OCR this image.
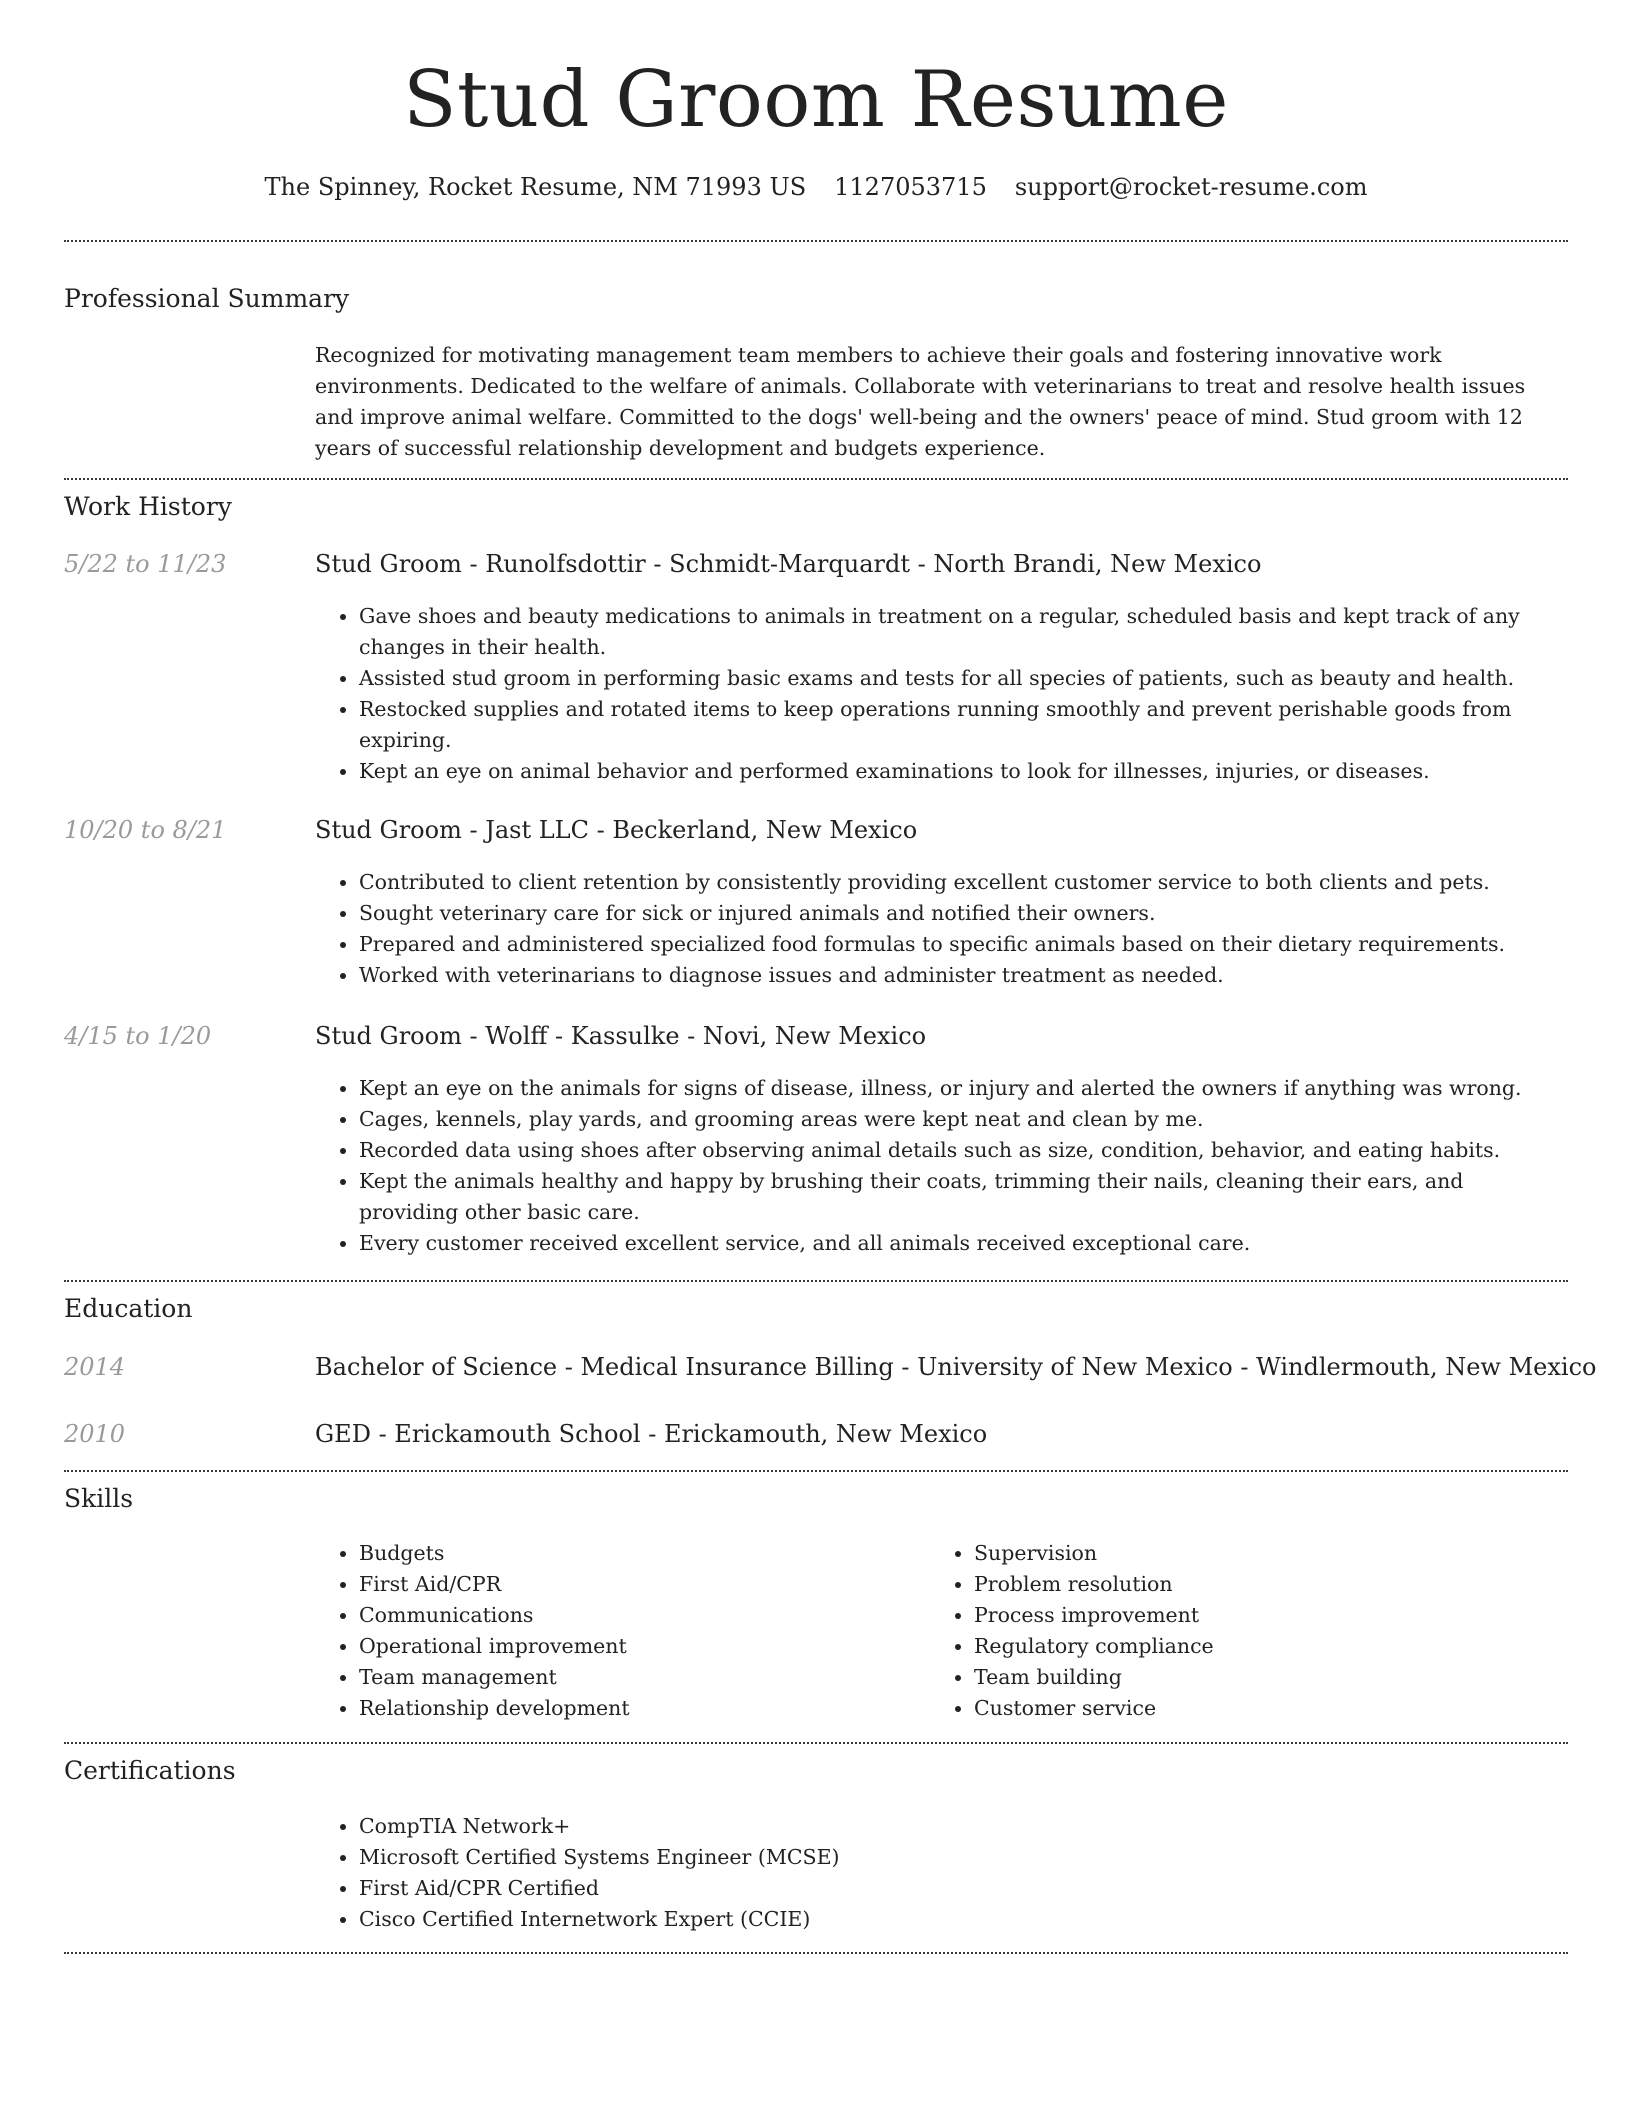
Stud Groom Resume
The Spinney, Rocket Resume, NM 71993 US 1127053715 support@rocket-resume.com
Professional Summary

Recognized for motivating management team members to achieve their goals and fostering innovative work environments. Dedicated to the welfare of animals. Collaborate with veterinarians to treat and resolve health issues and improve animal welfare. Committed to the dogs' well-being and the owners' peace of mind. Stud groom with 12 years of successful relationship development and budgets experience.

Work History
5/22 to 11/23	Stud Groom - Runolfsdottir - Schmidt-Marquardt - North Brandi, New Mexico
• Gave shoes and beauty medications to animals in treatment on a regular, scheduled basis and kept track of any changes in their health.
• Assisted stud groom in performing basic exams and tests for all species of patients, such as beauty and health.
• Restocked supplies and rotated items to keep operations running smoothly and prevent perishable goods from expiring.
• Kept an eye on animal behavior and performed examinations to look for illnesses, injuries, or diseases.
10/20 to 8/21	Stud Groom - Jast LLC - Beckerland, New Mexico
• Contributed to client retention by consistently providing excellent customer service to both clients and pets.
• Sought veterinary care for sick or injured animals and notified their owners.
• Prepared and administered specialized food formulas to specific animals based on their dietary requirements.
• Worked with veterinarians to diagnose issues and administer treatment as needed.
4/15 to 1/20	Stud Groom - Wolff - Kassulke - Novi, New Mexico
• Kept an eye on the animals for signs of disease, illness, or injury and alerted the owners if anything was wrong.
• Cages, kennels, play yards, and grooming areas were kept neat and clean by me.
• Recorded data using shoes after observing animal details such as size, condition, behavior, and eating habits.
• Kept the animals healthy and happy by brushing their coats, trimming their nails, cleaning their ears, and providing other basic care.
• Every customer received excellent service, and all animals received exceptional care.
Education
2014	Bachelor of Science - Medical Insurance Billing - University of New Mexico - Windlermouth, New Mexico
2010	GED - Erickamouth School - Erickamouth, New Mexico
Skills
• Budgets
• First Aid/CPR
• Communications
• Operational improvement
• Team management
• Relationship development
• Supervision
• Problem resolution
• Process improvement
• Regulatory compliance
• Team building
• Customer service
Certifications
• CompTIA Network+
• Microsoft Certified Systems Engineer (MCSE)
• First Aid/CPR Certified
• Cisco Certified Internetwork Expert (CCIE)
